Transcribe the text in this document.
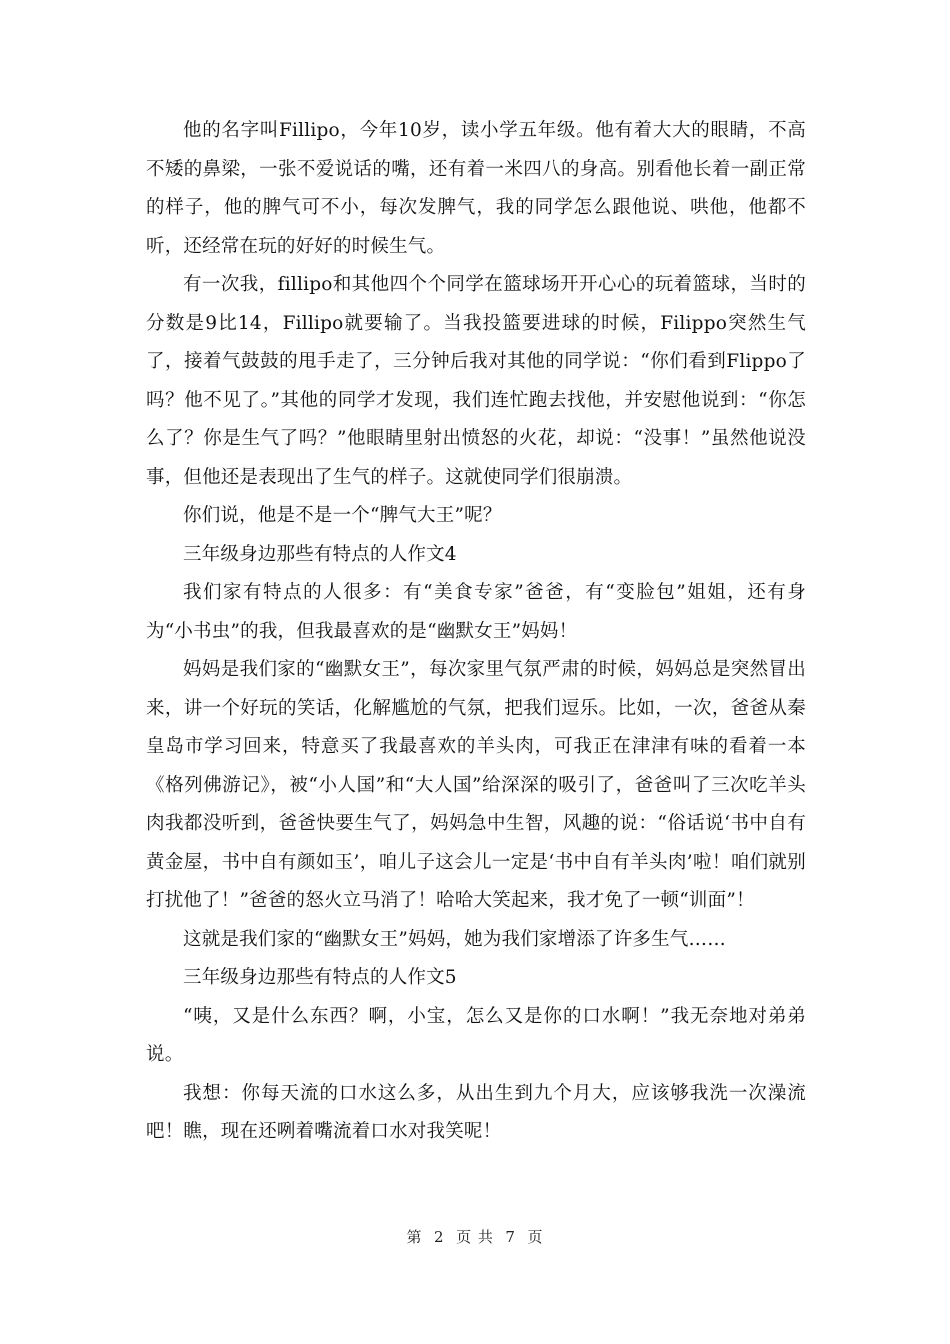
他的名字叫Fillipo，今年10岁，读小学五年级。他有着大大的眼睛，不高不矮的鼻梁，一张不爱说话的嘴，还有着一米四八的身高。别看他长着一副正常的样子，他的脾气可不小，每次发脾气，我的同学怎么跟他说、哄他，他都不听，还经常在玩的好好的时候生气。

有一次我，fillipo和其他四个个同学在篮球场开开心心的玩着篮球，当时的分数是9比14，Fillipo就要输了。当我投篮要进球的时候，Filippo突然生气了，接着气鼓鼓的甩手走了，三分钟后我对其他的同学说：“你们看到Flippo了吗？他不见了。”其他的同学才发现，我们连忙跑去找他，并安慰他说到：“你怎么了？你是生气了吗？”他眼睛里射出愤怒的火花，却说：“没事！”虽然他说没事，但他还是表现出了生气的样子。这就使同学们很崩溃。

你们说，他是不是一个“脾气大王”呢？

三年级身边那些有特点的人作文4

我们家有特点的人很多：有“美食专家”爸爸，有“变脸包”姐姐，还有身为“小书虫”的我，但我最喜欢的是“幽默女王”妈妈！

妈妈是我们家的“幽默女王”，每次家里气氛严肃的时候，妈妈总是突然冒出来，讲一个好玩的笑话，化解尴尬的气氛，把我们逗乐。比如，一次，爸爸从秦皇岛市学习回来，特意买了我最喜欢的羊头肉，可我正在津津有味的看着一本《格列佛游记》，被“小人国”和“大人国”给深深的吸引了，爸爸叫了三次吃羊头肉我都没听到，爸爸快要生气了，妈妈急中生智，风趣的说：“俗话说‘书中自有黄金屋，书中自有颜如玉’，咱儿子这会儿一定是‘书中自有羊头肉’啦！咱们就别打扰他了！”爸爸的怒火立马消了！哈哈大笑起来，我才免了一顿“训面”！

这就是我们家的“幽默女王”妈妈，她为我们家增添了许多生气……

三年级身边那些有特点的人作文5

“咦，又是什么东西？啊，小宝，怎么又是你的口水啊！”我无奈地对弟弟说。

我想：你每天流的口水这么多，从出生到九个月大，应该够我洗一次澡流吧！瞧，现在还咧着嘴流着口水对我笑呢！

第  2  页 共  7  页
